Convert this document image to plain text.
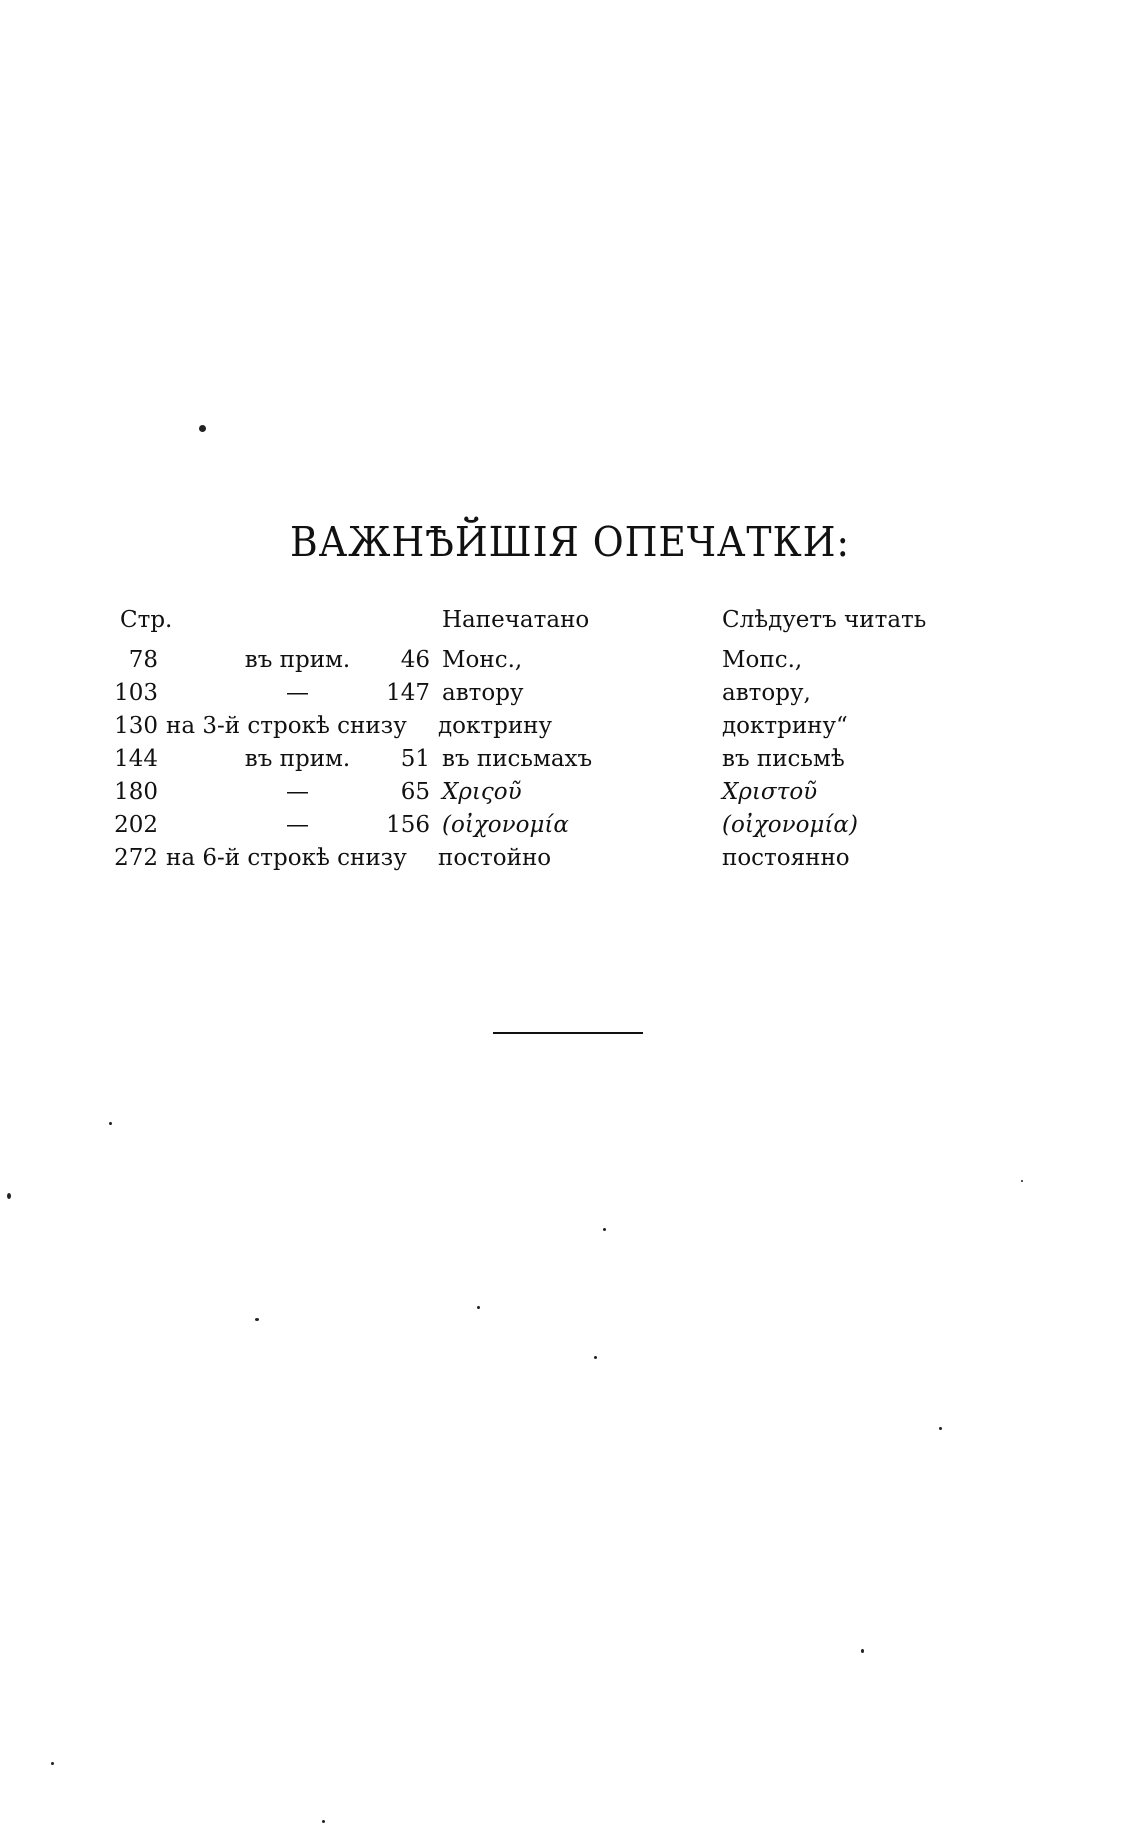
ВАЖНѢЙШІЯ ОПЕЧАТКИ:
Стр.	Напечатано	Слѣдуетъ читать
78	въ прим.	46 Монс.,	Мопс.,
103	—	147 автору	автору,
130 на 3-й строкѣ снизу доктрину	доктрину“
144	въ прим.	51 въ письмахъ	въ письмѣ
180	—	65 Χριςοῦ	Χριστοῦ
202	—	156 (οἰχονομία	(οἰχονομία)
272 на 6-й строкѣ снизу постойно	постоянно
